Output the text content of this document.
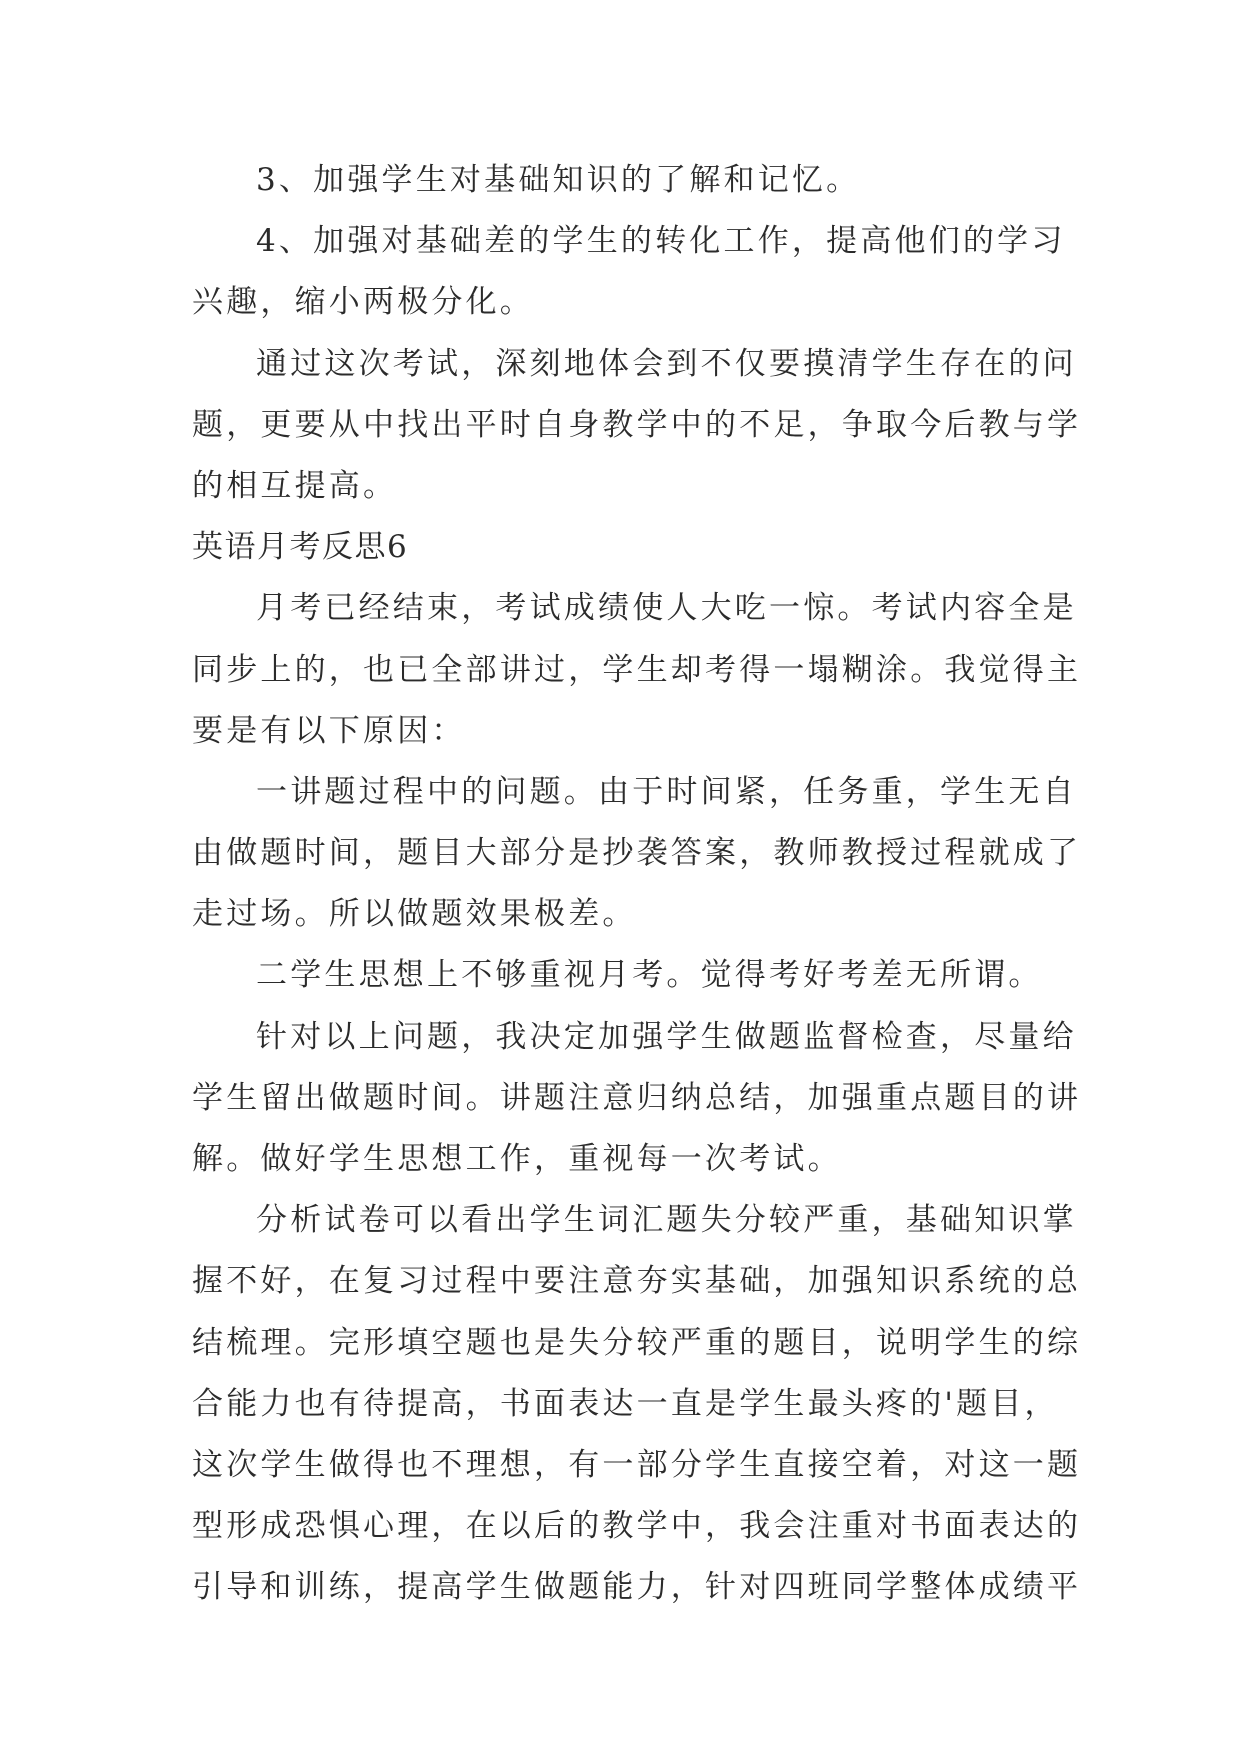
3、加强学生对基础知识的了解和记忆。

4、加强对基础差的学生的转化工作，提高他们的学习

兴趣，缩小两极分化。

通过这次考试，深刻地体会到不仅要摸清学生存在的问

题，更要从中找出平时自身教学中的不足，争取今后教与学

的相互提高。

英语月考反思6

月考已经结束，考试成绩使人大吃一惊。考试内容全是

同步上的，也已全部讲过，学生却考得一塌糊涂。我觉得主

要是有以下原因：

一讲题过程中的问题。由于时间紧，任务重，学生无自

由做题时间，题目大部分是抄袭答案，教师教授过程就成了

走过场。所以做题效果极差。

二学生思想上不够重视月考。觉得考好考差无所谓。

针对以上问题，我决定加强学生做题监督检查，尽量给

学生留出做题时间。讲题注意归纳总结，加强重点题目的讲

解。做好学生思想工作，重视每一次考试。

分析试卷可以看出学生词汇题失分较严重，基础知识掌

握不好，在复习过程中要注意夯实基础，加强知识系统的总

结梳理。完形填空题也是失分较严重的题目，说明学生的综

合能力也有待提高，书面表达一直是学生最头疼的'题目，

这次学生做得也不理想，有一部分学生直接空着，对这一题

型形成恐惧心理，在以后的教学中，我会注重对书面表达的

引导和训练，提高学生做题能力，针对四班同学整体成绩平
